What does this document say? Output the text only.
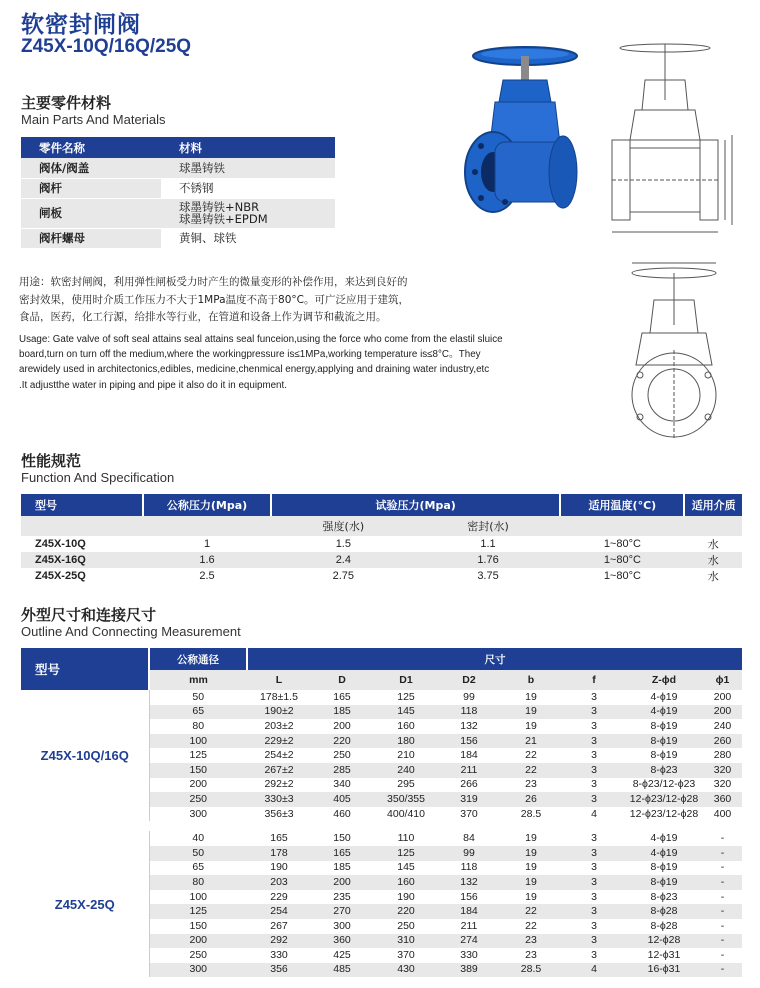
软密封闸阀
Z45X-10Q/16Q/25Q
主要零件材料
Main Parts And Materials
零件名称	材料
阀体/阀盖	球墨铸铁
阀杆	不锈钢
闸板	球墨铸铁+NBR
球墨铸铁+EPDM

阀杆螺母	黄铜、球铁
用途：软密封闸阀，利用弹性闸板受力时产生的微量变形的补偿作用，来达到良好的
密封效果，使用时介质工作压力不大于1MPa温度不高于80°C。可广泛应用于建筑，
食品，医药，化工行源，给排水等行业，在管道和设备上作为调节和截流之用。
Usage: Gate valve of soft seal attains seal attains seal funceion,using the force who come from the elastil sluice
board,turn on turn off the medium,where the workingpressure is≤1MPa,working temperature is≤8°C。They
arewidely used in architectonics,edibles, medicine,chenmical energy,applying and draining water industry,etc
.It adjustthe water in piping and pipe it also do it in equipment.
性能规范
Function And Specification
型号	公称压力(Mpa)	试验压力(Mpa)		适用温度(°C)	适用介质
		强度(水)	密封(水)		
Z45X-10Q	1	1.5	1.1	1~80°C	水
Z45X-16Q	1.6	2.4	1.76	1~80°C	水
Z45X-25Q	2.5	2.75	3.75	1~80°C	水
外型尺寸和连接尺寸
Outline And Connecting Measurement
型号	公称通径	尺寸							
	mm	L	D	D1	D2	b	f	Z-ϕd	ϕ1
Z45X-10Q/16Q	50	178±1.5	165	125	99	19	3	4-ϕ19	200
	65	190±2	185	145	118	19	3	4-ϕ19	200
	80	203±2	200	160	132	19	3	8-ϕ19	240
	100	229±2	220	180	156	21	3	8-ϕ19	260
	125	254±2	250	210	184	22	3	8-ϕ19	280
	150	267±2	285	240	211	22	3	8-ϕ23	320
	200	292±2	340	295	266	23	3	8-ϕ23/12-ϕ23	320
	250	330±3	405	350/355	319	26	3	12-ϕ23/12-ϕ28	360
	300	356±3	460	400/410	370	28.5	4	12-ϕ23/12-ϕ28	400

Z45X-25Q	40	165	150	110	84	19	3	4-ϕ19	-
	50	178	165	125	99	19	3	4-ϕ19	-
	65	190	185	145	118	19	3	8-ϕ19	-
	80	203	200	160	132	19	3	8-ϕ19	-
	100	229	235	190	156	19	3	8-ϕ23	-
	125	254	270	220	184	22	3	8-ϕ28	-
	150	267	300	250	211	22	3	8-ϕ28	-
	200	292	360	310	274	23	3	12-ϕ28	-
	250	330	425	370	330	23	3	12-ϕ31	-
	300	356	485	430	389	28.5	4	16-ϕ31	-
